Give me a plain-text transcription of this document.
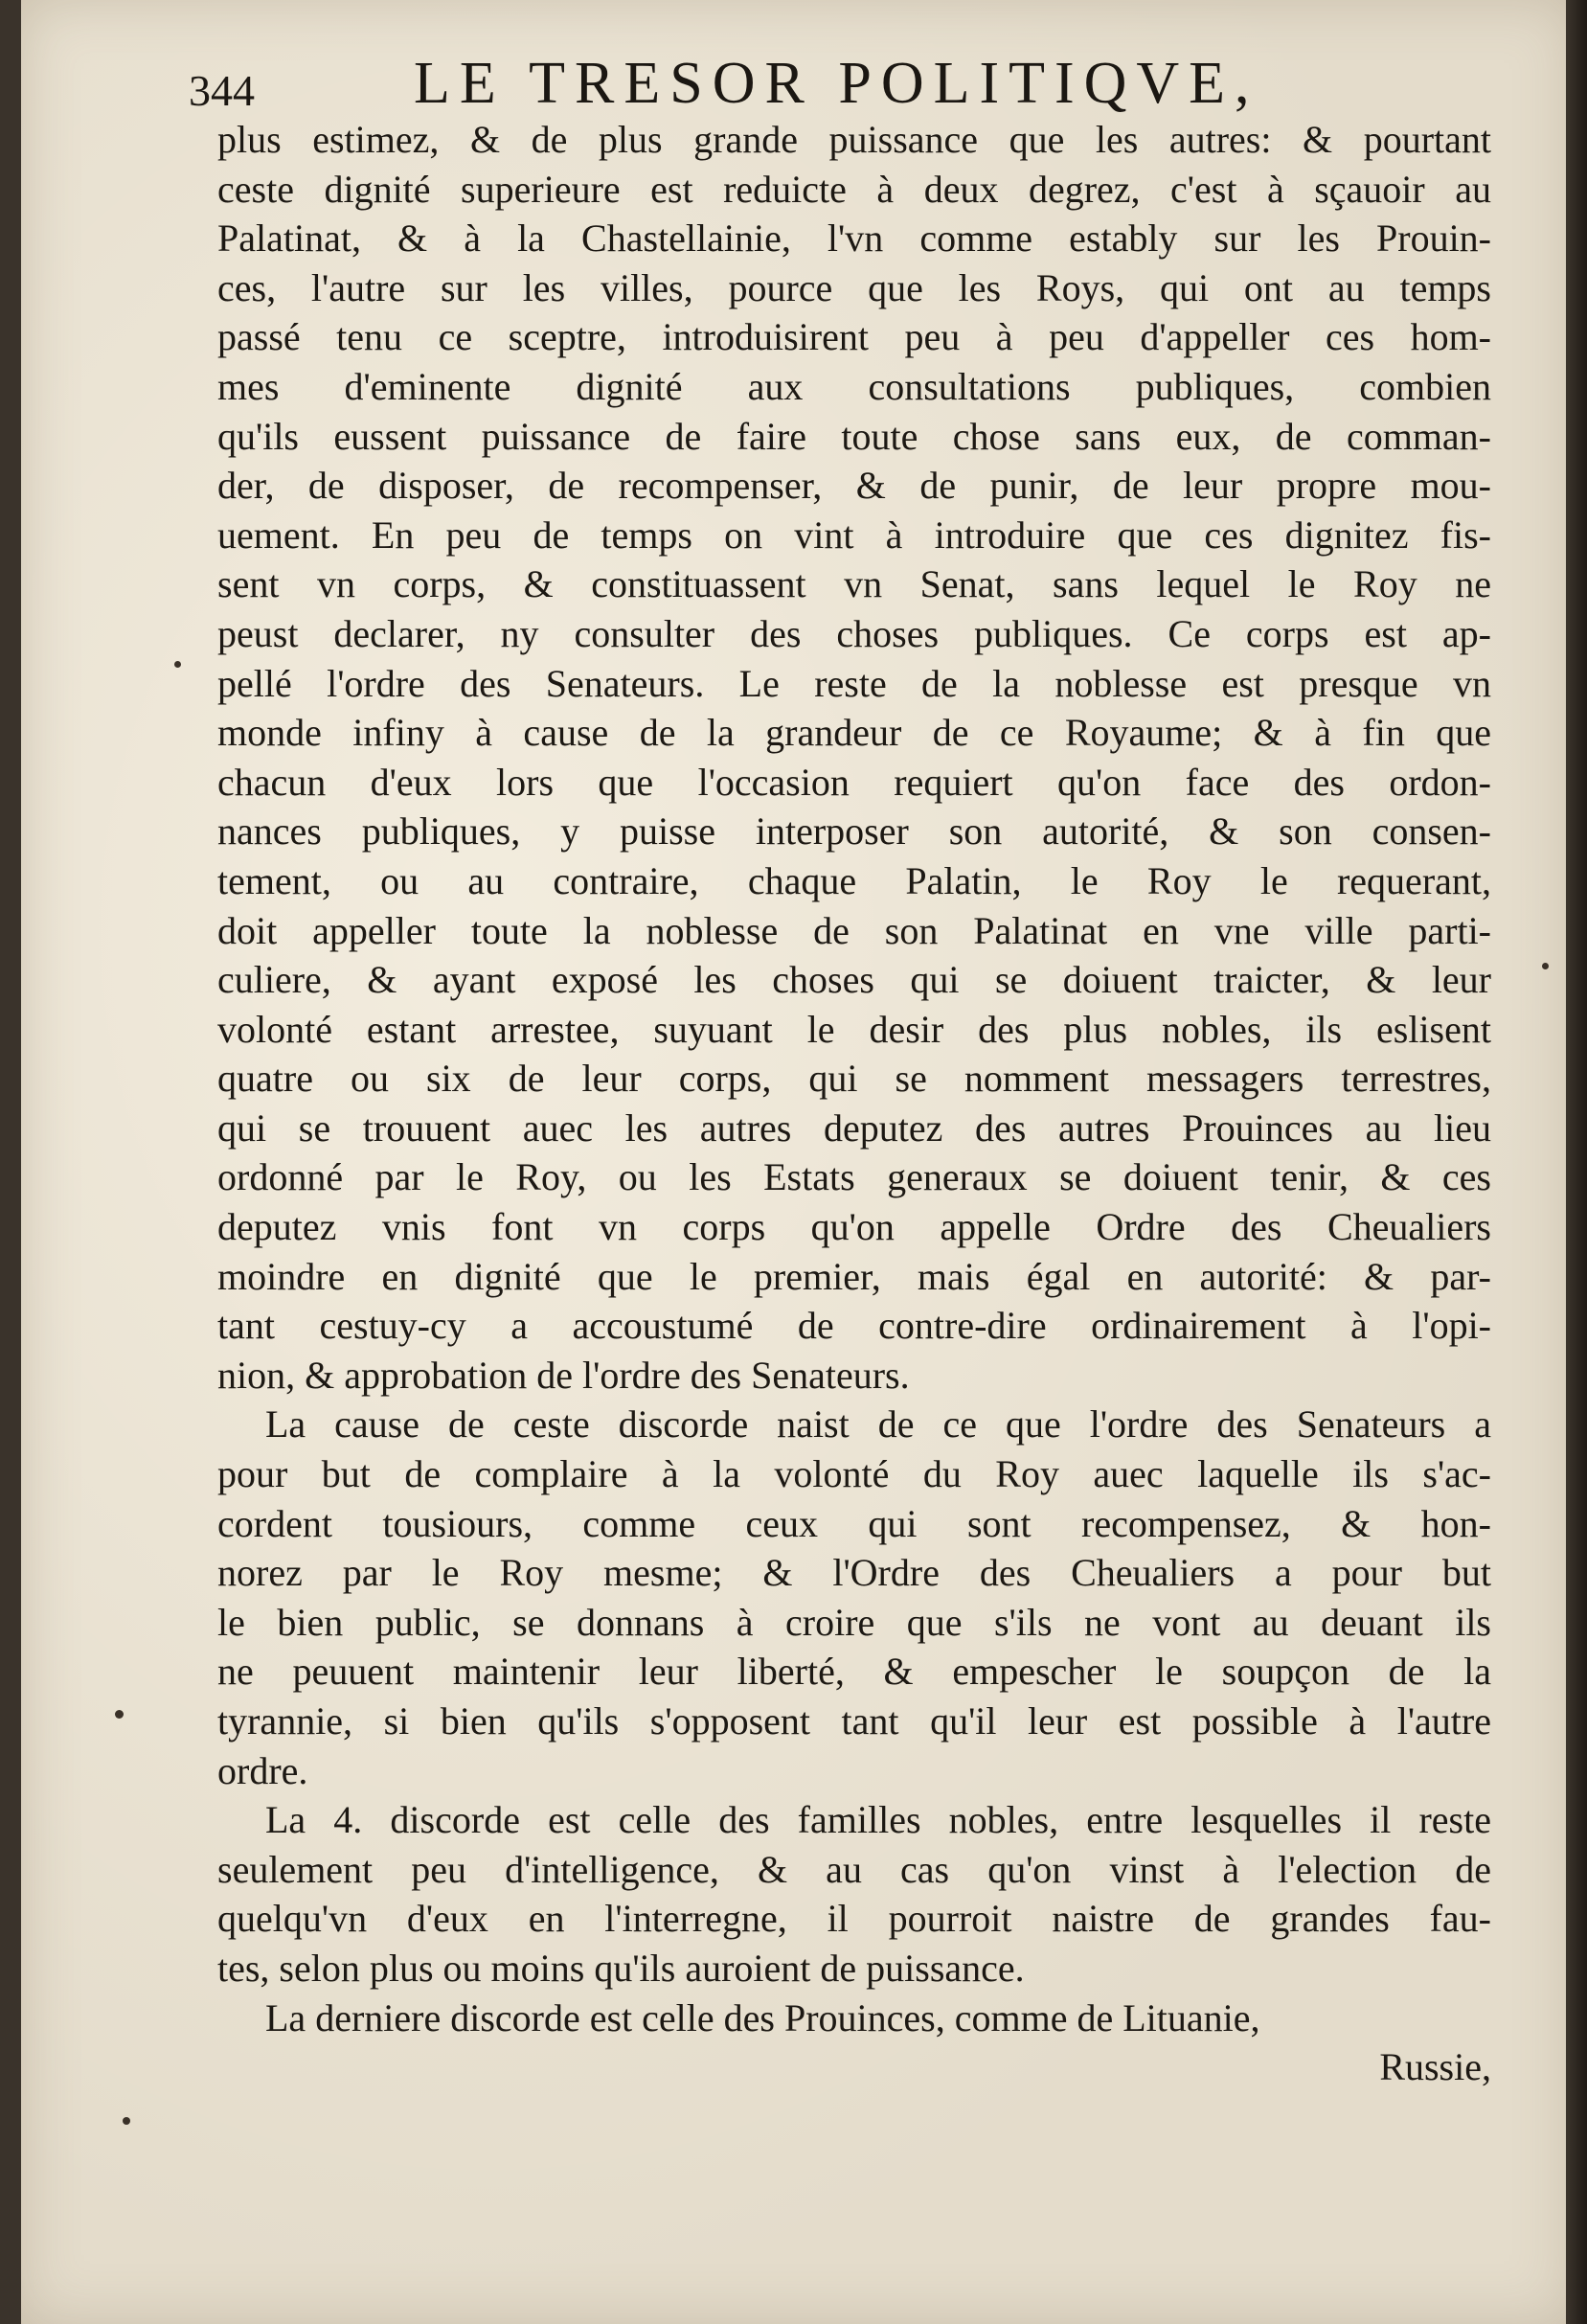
344	LE TRESOR POLITIQVE,
plus estimez, & de plus grande puissance que les autres: & pourtant
ceste dignité superieure est reduicte à deux degrez, c'est à sçauoir au
Palatinat, & à la Chastellainie, l'vn comme estably sur les Prouin-
ces, l'autre sur les villes, pource que les Roys, qui ont au temps
passé tenu ce sceptre, introduisirent peu à peu d'appeller ces hom-
mes d'eminente dignité aux consultations publiques, combien
qu'ils eussent puissance de faire toute chose sans eux, de comman-
der, de disposer, de recompenser, & de punir, de leur propre mou-
uement. En peu de temps on vint à introduire que ces dignitez fis-
sent vn corps, & constituassent vn Senat, sans lequel le Roy ne
peust declarer, ny consulter des choses publiques. Ce corps est ap-
pellé l'ordre des Senateurs. Le reste de la noblesse est presque vn
monde infiny à cause de la grandeur de ce Royaume; & à fin que
chacun d'eux lors que l'occasion requiert qu'on face des ordon-
nances publiques, y puisse interposer son autorité, & son consen-
tement, ou au contraire, chaque Palatin, le Roy le requerant,
doit appeller toute la noblesse de son Palatinat en vne ville parti-
culiere, & ayant exposé les choses qui se doiuent traicter, & leur
volonté estant arrestee, suyuant le desir des plus nobles, ils eslisent
quatre ou six de leur corps, qui se nomment messagers terrestres,
qui se trouuent auec les autres deputez des autres Prouinces au lieu
ordonné par le Roy, ou les Estats generaux se doiuent tenir, & ces
deputez vnis font vn corps qu'on appelle Ordre des Cheualiers
moindre en dignité que le premier, mais égal en autorité: & par-
tant cestuy-cy a accoustumé de contre-dire ordinairement à l'opi-
nion, & approbation de l'ordre des Senateurs.
La cause de ceste discorde naist de ce que l'ordre des Senateurs a
pour but de complaire à la volonté du Roy auec laquelle ils s'ac-
cordent tousiours, comme ceux qui sont recompensez, & hon-
norez par le Roy mesme; & l'Ordre des Cheualiers a pour but
le bien public, se donnans à croire que s'ils ne vont au deuant ils
ne peuuent maintenir leur liberté, & empescher le soupçon de la
tyrannie, si bien qu'ils s'opposent tant qu'il leur est possible à l'autre
ordre.
La 4. discorde est celle des familles nobles, entre lesquelles il reste
seulement peu d'intelligence, & au cas qu'on vinst à l'election de
quelqu'vn d'eux en l'interregne, il pourroit naistre de grandes fau-
tes, selon plus ou moins qu'ils auroient de puissance.
La derniere discorde est celle des Prouinces, comme de Lituanie,
Russie,
